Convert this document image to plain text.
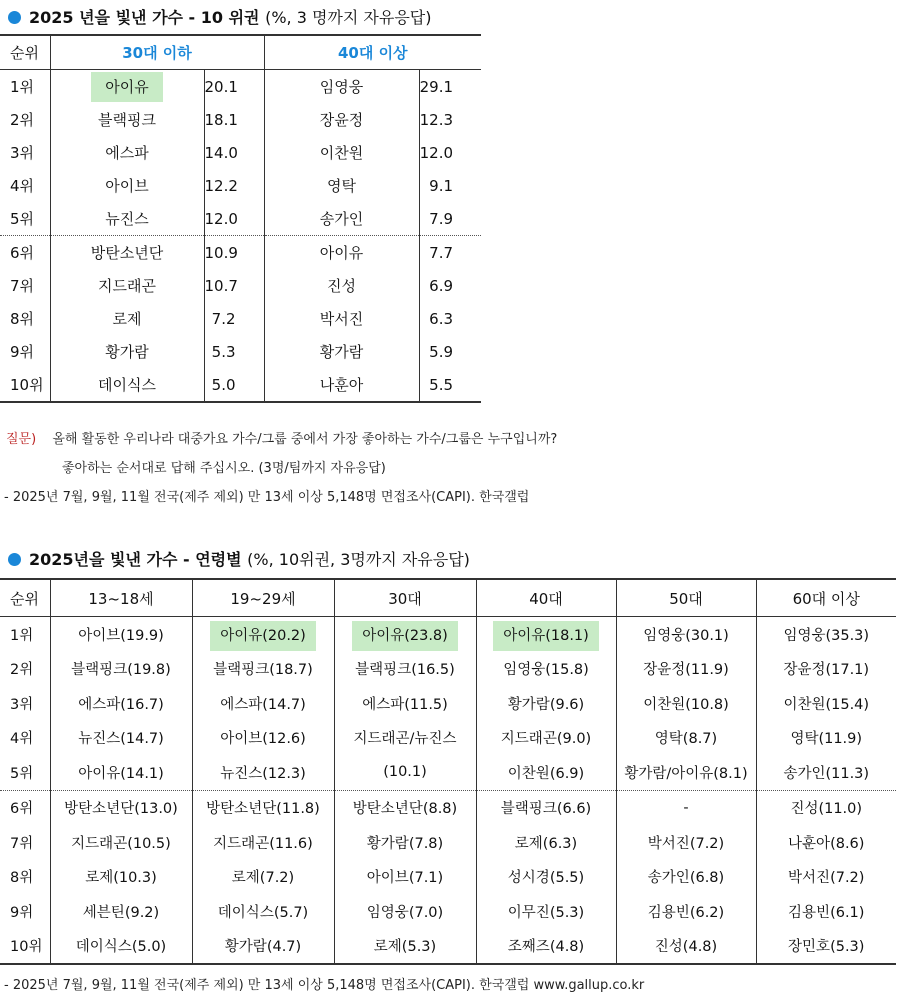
2025 년을 빛낸 가수 - 10 위권 (%, 3 명까지 자유응답)
순위	30대 이하		40대 이상	
1위	아이유	20.1	임영웅	29.1
2위	블랙핑크	18.1	장윤정	12.3
3위	에스파	14.0	이찬원	12.0
4위	아이브	12.2	영탁	9.1
5위	뉴진스	12.0	송가인	7.9
6위	방탄소년단	10.9	아이유	7.7
7위	지드래곤	10.7	진성	6.9
8위	로제	7.2	박서진	6.3
9위	황가람	5.3	황가람	5.9
10위	데이식스	5.0	나훈아	5.5
질문) 올해 활동한 우리나라 대중가요 가수/그룹 중에서 가장 좋아하는 가수/그룹은 누구입니까?
좋아하는 순서대로 답해 주십시오. (3명/팀까지 자유응답)
- 2025년 7월, 9월, 11월 전국(제주 제외) 만 13세 이상 5,148명 면접조사(CAPI). 한국갤럽
2025년을 빛낸 가수 - 연령별 (%, 10위권, 3명까지 자유응답)
순위	13~18세	19~29세	30대	40대	50대	60대 이상
1위	아이브(19.9)	아이유(20.2)	아이유(23.8)	아이유(18.1)	임영웅(30.1)	임영웅(35.3)
2위	블랙핑크(19.8)	블랙핑크(18.7)	블랙핑크(16.5)	임영웅(15.8)	장윤정(11.9)	장윤정(17.1)
3위	에스파(16.7)	에스파(14.7)	에스파(11.5)	황가람(9.6)	이찬원(10.8)	이찬원(15.4)
4위	뉴진스(14.7)	아이브(12.6)	지드래곤/뉴진스	지드래곤(9.0)	영탁(8.7)	영탁(11.9)
5위	아이유(14.1)	뉴진스(12.3)	(10.1)	이찬원(6.9)	황가람/아이유(8.1)	송가인(11.3)
6위	방탄소년단(13.0)	방탄소년단(11.8)	방탄소년단(8.8)	블랙핑크(6.6)	-	진성(11.0)
7위	지드래곤(10.5)	지드래곤(11.6)	황가람(7.8)	로제(6.3)	박서진(7.2)	나훈아(8.6)
8위	로제(10.3)	로제(7.2)	아이브(7.1)	성시경(5.5)	송가인(6.8)	박서진(7.2)
9위	세븐틴(9.2)	데이식스(5.7)	임영웅(7.0)	이무진(5.3)	김용빈(6.2)	김용빈(6.1)
10위	데이식스(5.0)	황가람(4.7)	로제(5.3)	조째즈(4.8)	진성(4.8)	장민호(5.3)
- 2025년 7월, 9월, 11월 전국(제주 제외) 만 13세 이상 5,148명 면접조사(CAPI). 한국갤럽 www.gallup.co.kr
